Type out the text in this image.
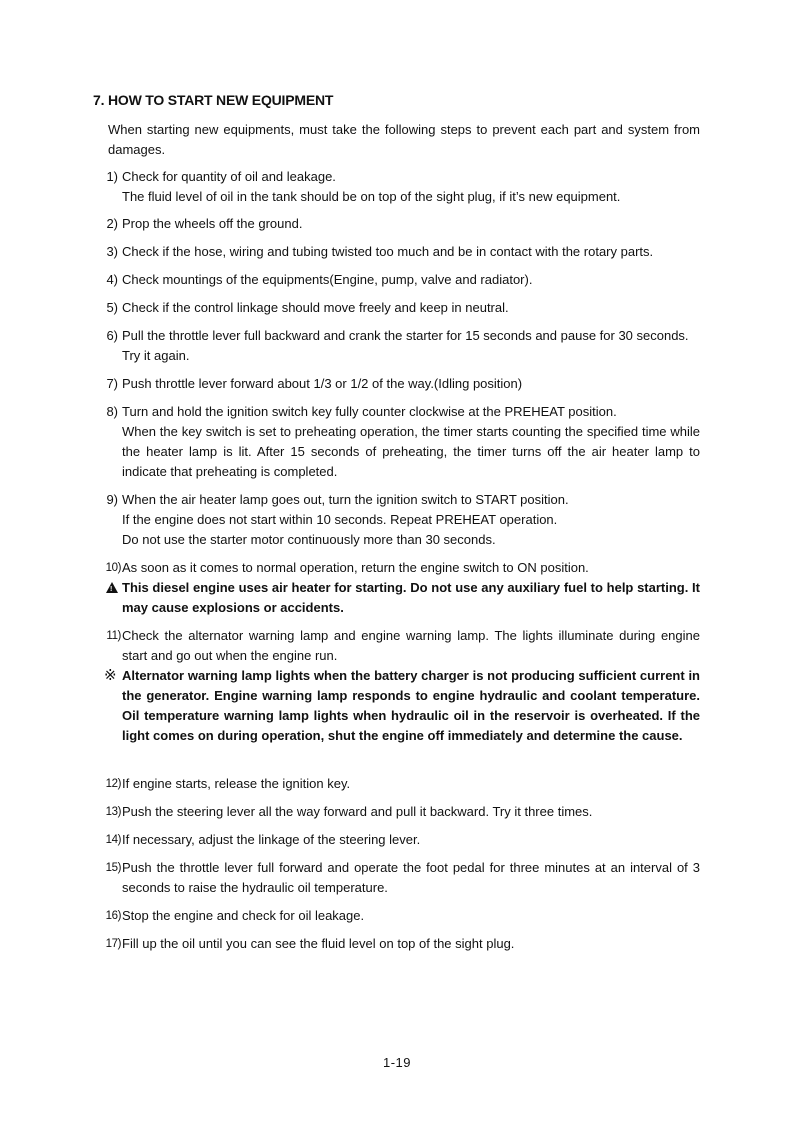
7. HOW TO START NEW EQUIPMENT
When starting new equipments, must take the following steps to prevent each part and system from damages.
1) Check for quantity of oil and leakage.
The fluid level of oil in the tank should be on top of the sight plug, if it’s new equipment.
2) Prop the wheels off the ground.
3) Check if the hose, wiring and tubing twisted too much and be in contact with the rotary parts.
4) Check mountings of the equipments(Engine, pump, valve and radiator).
5) Check if the control linkage should move freely and keep in neutral.
6) Pull the throttle lever full backward and crank the starter for 15 seconds and pause for 30 seconds.
Try it again.
7) Push throttle lever forward about 1/3 or 1/2 of the way.(Idling position)
8) Turn and hold the ignition switch key fully counter clockwise at the PREHEAT position.
When the key switch is set to preheating operation, the timer starts counting the specified time while the heater lamp is lit. After 15 seconds of preheating, the timer turns off the air heater lamp to indicate that preheating is completed.
9) When the air heater lamp goes out, turn the ignition switch to START position.
If the engine does not start within 10 seconds. Repeat PREHEAT operation.
Do not use the starter motor continuously more than 30 seconds.
10) As soon as it comes to normal operation, return the engine switch to ON position.
! This diesel engine uses air heater for starting. Do not use any auxiliary fuel to help starting. It may cause explosions or accidents.
11) Check the alternator warning lamp and engine warning lamp. The lights illuminate during engine start and go out when the engine run.
※ Alternator warning lamp lights when the battery charger is not producing sufficient current in the generator. Engine warning lamp responds to engine hydraulic and coolant temperature. Oil temperature warning lamp lights when hydraulic oil in the reservoir is overheated. If the light comes on during operation, shut the engine off immediately and determine the cause.
12) If engine starts, release the ignition key.
13) Push the steering lever all the way forward and pull it backward. Try it three times.
14) If necessary, adjust the linkage of the steering lever.
15) Push the throttle lever full forward and operate the foot pedal for three minutes at an interval of 3 seconds to raise the hydraulic oil temperature.
16) Stop the engine and check for oil leakage.
17) Fill up the oil until you can see the fluid level on top of the sight plug.
1-19
